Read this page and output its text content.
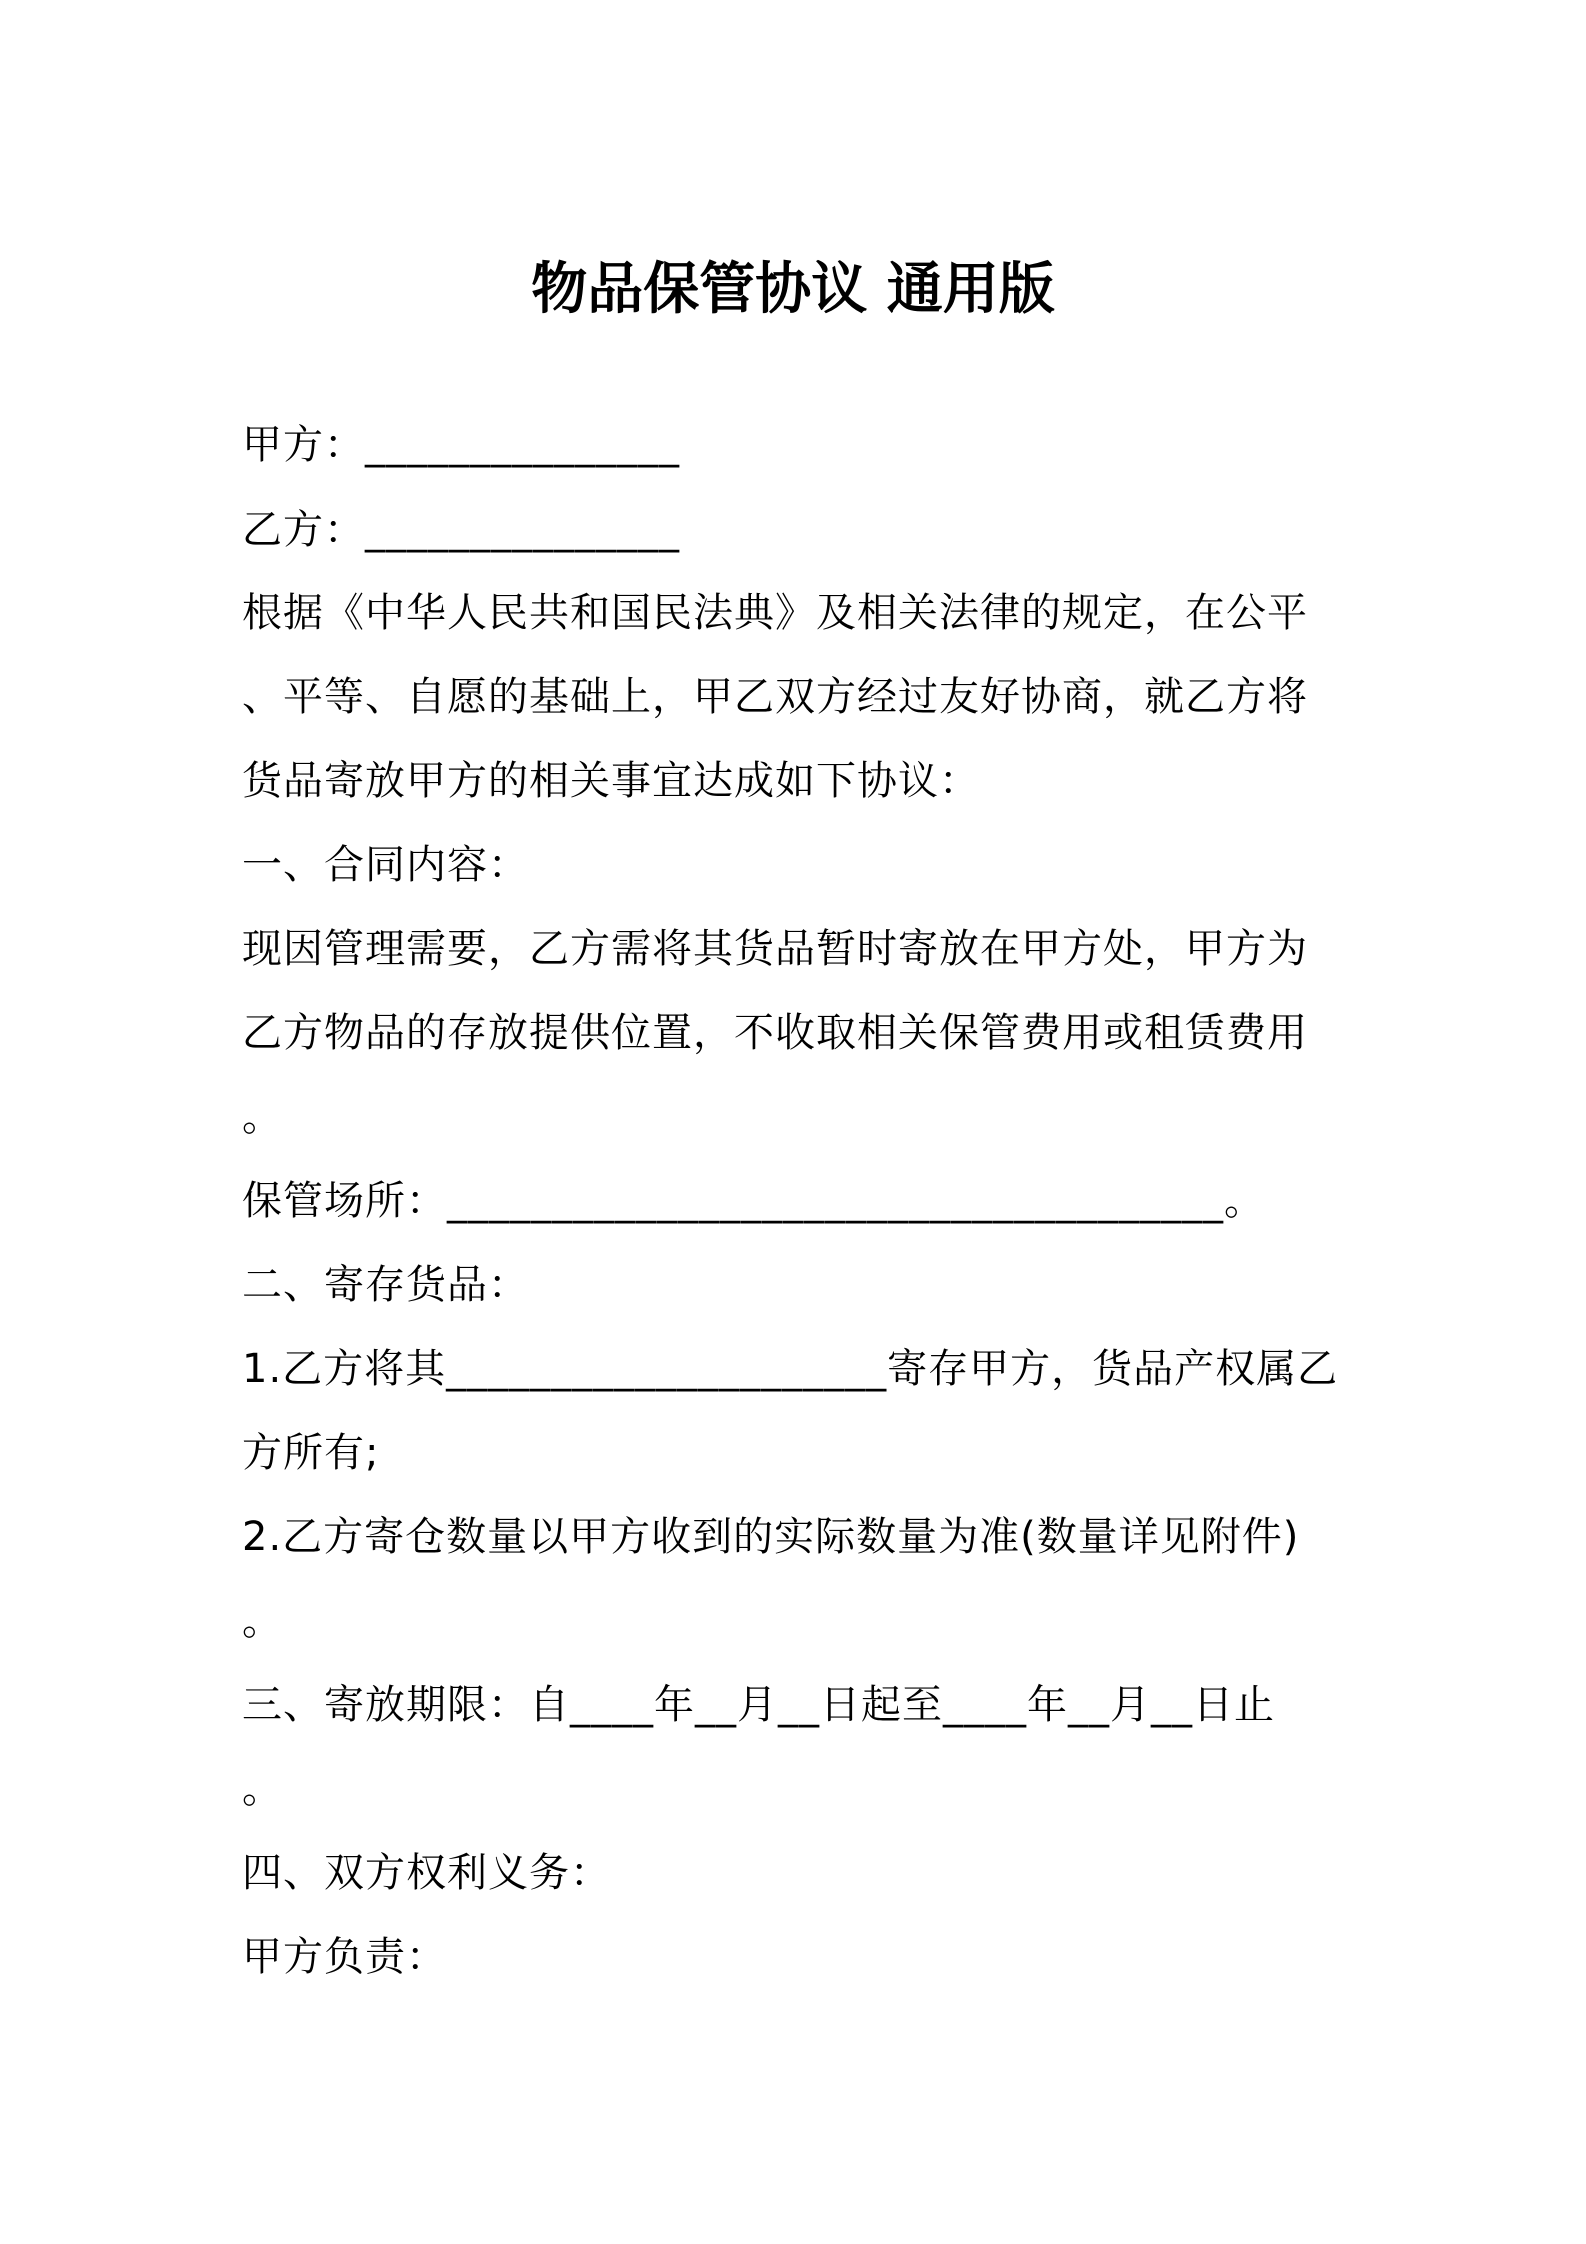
物品保管协议 通用版
甲方：_______________
乙方：_______________
根据《中华人民共和国民法典》及相关法律的规定，在公平
、平等、自愿的基础上，甲乙双方经过友好协商，就乙方将
货品寄放甲方的相关事宜达成如下协议：
一、合同内容：
现因管理需要，乙方需将其货品暂时寄放在甲方处，甲方为
乙方物品的存放提供位置，不收取相关保管费用或租赁费用
。
保管场所：_____________________________________。
二、寄存货品：
1.乙方将其_____________________寄存甲方，货品产权属乙
方所有;
2.乙方寄仓数量以甲方收到的实际数量为准(数量详见附件)
。
三、寄放期限：自____年__月__日起至____年__月__日止
。
四、双方权利义务：
甲方负责：
